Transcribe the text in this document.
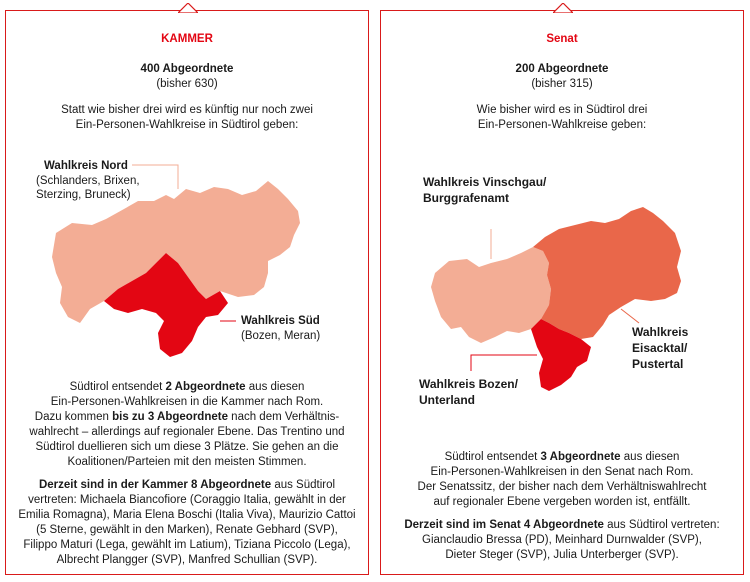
KAMMER
400 Abgeordnete
(bisher 630)
Statt wie bisher drei wird es künftig nur noch zwei
Ein-Personen-Wahlkreise in Südtirol geben:
Wahlkreis Nord
(Schlanders, Brixen,
Sterzing, Bruneck)
Wahlkreis Süd
(Bozen, Meran)
Südtirol entsendet 2 Abgeordnete aus diesen
Ein-Personen-Wahlkreisen in die Kammer nach Rom.
Dazu kommen bis zu 3 Abgeordnete nach dem Verhältnis-
wahlrecht – allerdings auf regionaler Ebene. Das Trentino und
Südtirol duellieren sich um diese 3 Plätze. Sie gehen an die
Koalitionen/Parteien mit den meisten Stimmen.
Derzeit sind in der Kammer 8 Abgeordnete aus Südtirol
vertreten: Michaela Biancofiore (Coraggio Italia, gewählt in der
Emilia Romagna), Maria Elena Boschi (Italia Viva), Maurizio Cattoi
(5 Sterne, gewählt in den Marken), Renate Gebhard (SVP),
Filippo Maturi (Lega, gewählt im Latium), Tiziana Piccolo (Lega),
Albrecht Plangger (SVP), Manfred Schullian (SVP).
Senat
200 Abgeordnete
(bisher 315)
Wie bisher wird es in Südtirol drei
Ein-Personen-Wahlkreise geben:
Wahlkreis Vinschgau/
Burggrafenamt
Wahlkreis
Eisacktal/
Pustertal
Wahlkreis Bozen/
Unterland
Südtirol entsendet 3 Abgeordnete aus diesen
Ein-Personen-Wahlkreisen in den Senat nach Rom.
Der Senatssitz, der bisher nach dem Verhältniswahlrecht
auf regionaler Ebene vergeben worden ist, entfällt.
Derzeit sind im Senat 4 Abgeordnete aus Südtirol vertreten:
Gianclaudio Bressa (PD), Meinhard Durnwalder (SVP),
Dieter Steger (SVP), Julia Unterberger (SVP).
